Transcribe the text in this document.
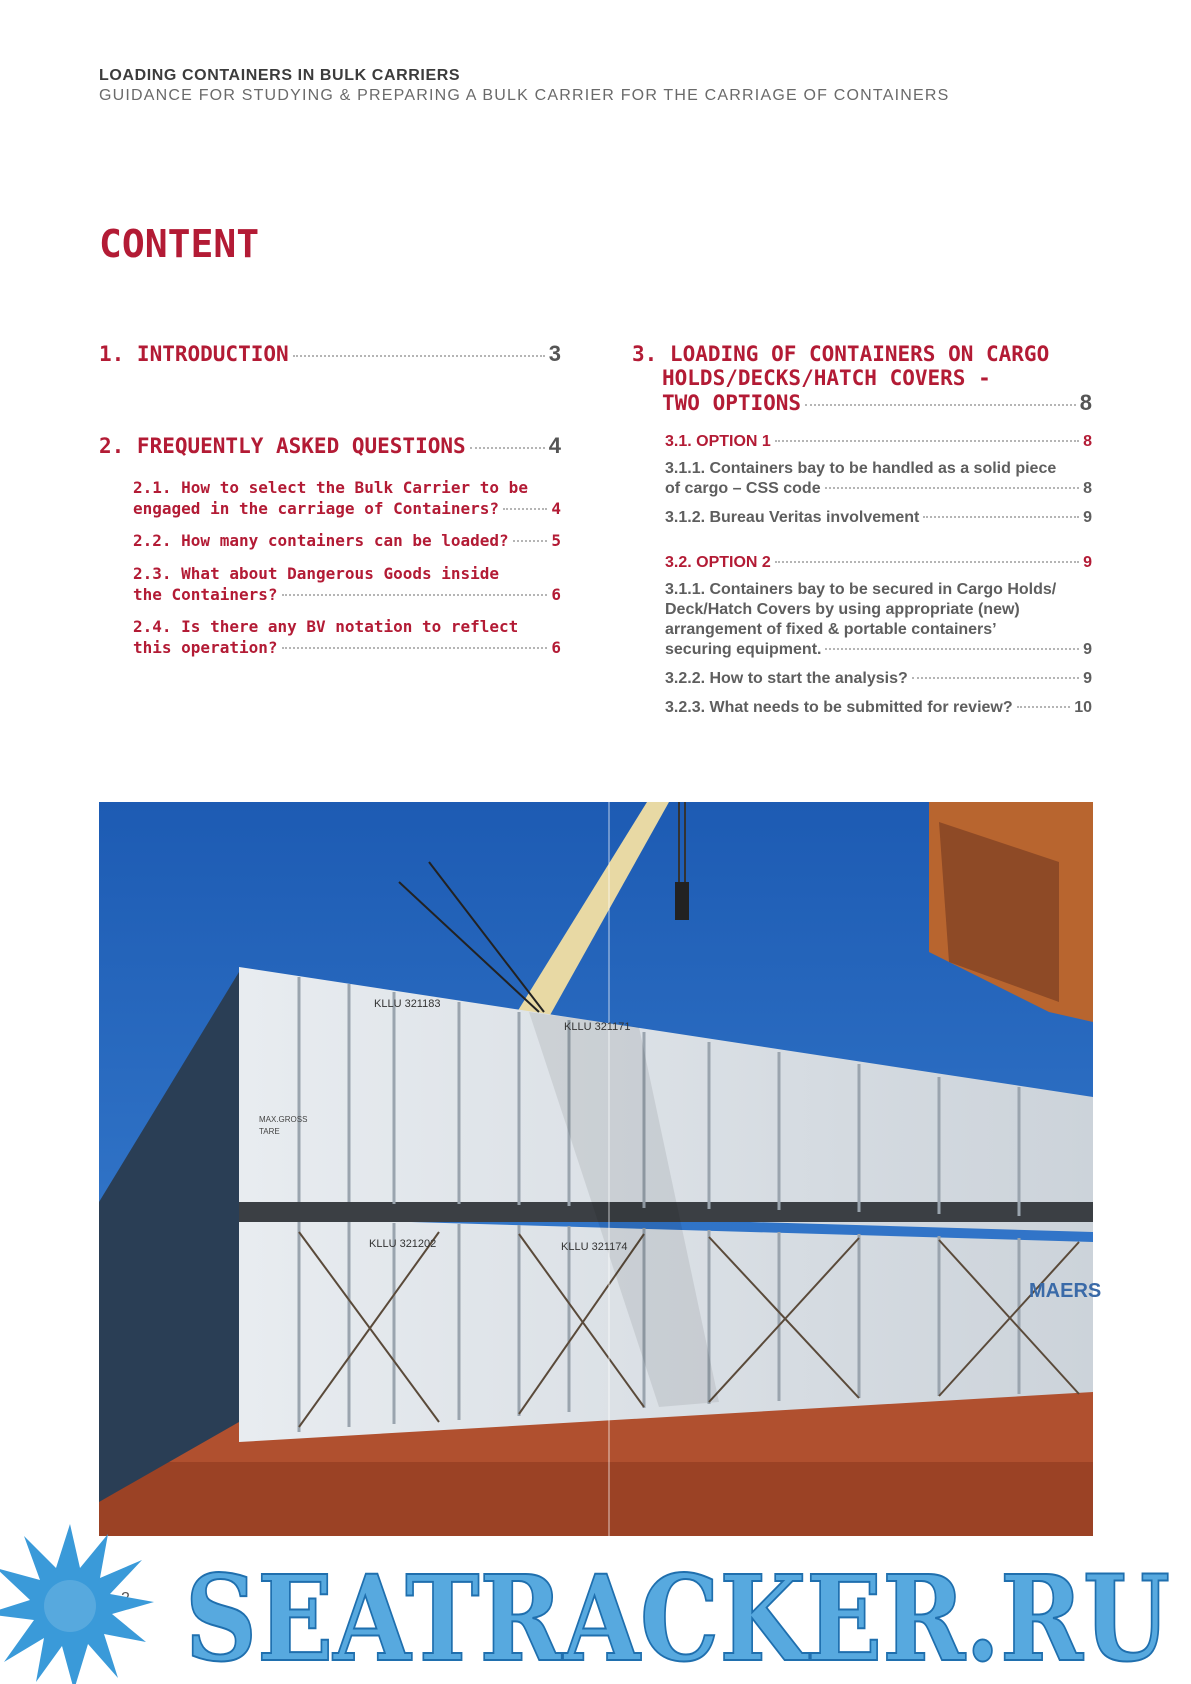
LOADING CONTAINERS IN BULK CARRIERS
GUIDANCE FOR STUDYING & PREPARING A BULK CARRIER FOR THE CARRIAGE OF CONTAINERS
CONTENT
1. INTRODUCTION	3
2. FREQUENTLY ASKED QUESTIONS	4
2.1. How to select the Bulk Carrier to be
engaged in the carriage of Containers?	4
2.2. How many containers can be loaded?	5
2.3. What about Dangerous Goods inside
the Containers?	6
2.4. Is there any BV notation to reflect
this operation?	6
3. LOADING OF CONTAINERS ON CARGO
HOLDS/DECKS/HATCH COVERS -
TWO OPTIONS	8
3.1. OPTION 1	8
3.1.1. Containers bay to be handled as a solid piece
of cargo – CSS code	8
3.1.2. Bureau Veritas involvement	9
3.2. OPTION 2	9
3.1.1. Containers bay to be secured in Cargo Holds/
Deck/Hatch Covers by using appropriate (new)
arrangement of fixed & portable containers’
securing equipment.	9
3.2.2. How to start the analysis?	9
3.2.3. What needs to be submitted for review?	10
KLLU 321183
KLLU 321171
KLLU 321202	KLLU 321174
MAX.GROSS
TARE
MAERS
SEATRACKER.RU
